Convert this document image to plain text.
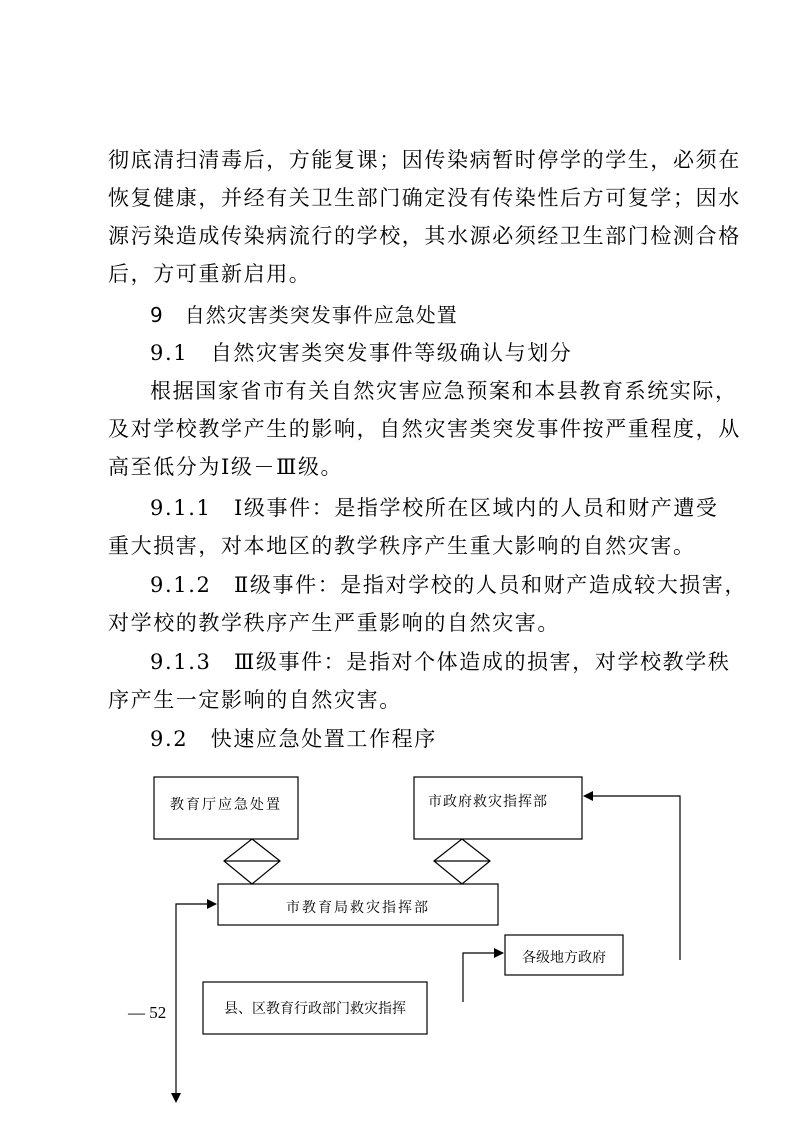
彻底清扫清毒后，方能复课；因传染病暂时停学的学生，必须在
恢复健康，并经有关卫生部门确定没有传染性后方可复学；因水
源污染造成传染病流行的学校，其水源必须经卫生部门检测合格
后，方可重新启用。
9　自然灾害类突发事件应急处置
9.1　自然灾害类突发事件等级确认与划分
根据国家省市有关自然灾害应急预案和本县教育系统实际，
及对学校教学产生的影响，自然灾害类突发事件按严重程度，从
高至低分为Ⅰ级－Ⅲ级。
9.1.1　Ⅰ级事件：是指学校所在区域内的人员和财产遭受
重大损害，对本地区的教学秩序产生重大影响的自然灾害。
9.1.2　Ⅱ级事件：是指对学校的人员和财产造成较大损害，
对学校的教学秩序产生严重影响的自然灾害。
9.1.3　Ⅲ级事件：是指对个体造成的损害，对学校教学秩
序产生一定影响的自然灾害。
9.2　快速应急处置工作程序
教育厅应急处置	市政府救灾指挥部
市教育局救灾指挥部
各级地方政府
县、区教育行政部门救灾指挥
— 52
